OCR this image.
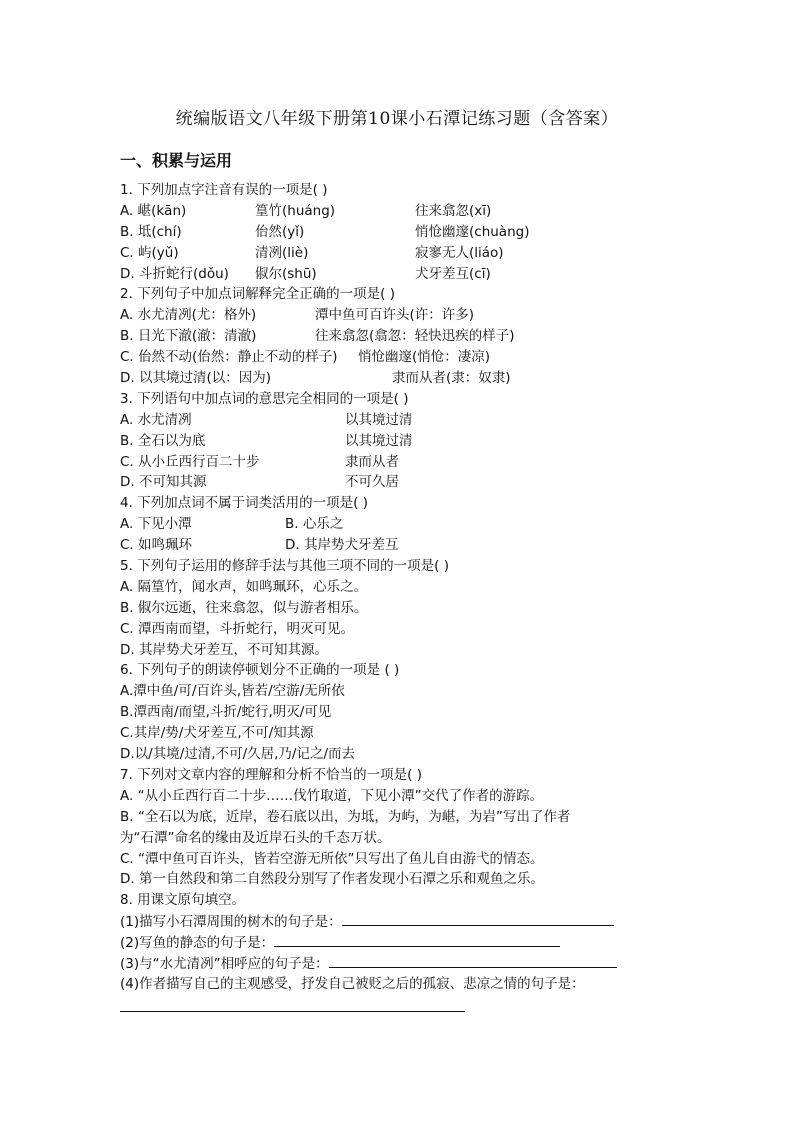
统编版语文八年级下册第10课小石潭记练习题（含答案）
一、积累与运用
1. 下列加点字注音有误的一项是( )
A. 嵁(kān)	篁竹(huáng)	往来翕忽(xī)
B. 坻(chí)	佁然(yǐ)	悄怆幽邃(chuàng)
C. 屿(yǔ)	清冽(liè)	寂寥无人(liáo)
D. 斗折蛇行(dǒu) 俶尔(shū)	犬牙差互(cī)
2. 下列句子中加点词解释完全正确的一项是( )
A. 水尤清冽(尤：格外)	潭中鱼可百许头(许：许多)
B. 日光下澈(澈：清澈)	往来翕忽(翕忽：轻快迅疾的样子)
C. 佁然不动(佁然：静止不动的样子) 悄怆幽邃(悄怆：凄凉)
D. 以其境过清(以：因为)	隶而从者(隶：奴隶)
3. 下列语句中加点词的意思完全相同的一项是( )
A. 水尤清冽	以其境过清
B. 全石以为底	以其境过清
C. 从小丘西行百二十步	隶而从者
D. 不可知其源	不可久居
4. 下列加点词不属于词类活用的一项是( )
A. 下见小潭	B. 心乐之
C. 如鸣珮环	D. 其岸势犬牙差互
5. 下列句子运用的修辞手法与其他三项不同的一项是( )
A. 隔篁竹，闻水声，如鸣珮环，心乐之。
B. 俶尔远逝，往来翕忽，似与游者相乐。
C. 潭西南而望，斗折蛇行，明灭可见。
D. 其岸势犬牙差互，不可知其源。
6. 下列句子的朗读停顿划分不正确的一项是 ( )
A.潭中鱼/可/百许头,皆若/空游/无所依
B.潭西南/而望,斗折/蛇行,明灭/可见
C.其岸/势/犬牙差互,不可/知其源
D.以/其境/过清,不可/久居,乃/记之/而去
7. 下列对文章内容的理解和分析不恰当的一项是( )
A. “从小丘西行百二十步……伐竹取道，下见小潭”交代了作者的游踪。
B. “全石以为底，近岸，卷石底以出，为坻，为屿，为嵁，为岩”写出了作者
为“石潭”命名的缘由及近岸石头的千态万状。
C. “潭中鱼可百许头，皆若空游无所依”只写出了鱼儿自由游弋的情态。
D. 第一自然段和第二自然段分别写了作者发现小石潭之乐和观鱼之乐。
8. 用课文原句填空。
(1)描写小石潭周围的树木的句子是：
(2)写鱼的静态的句子是：
(3)与“水尤清冽”相呼应的句子是：
(4)作者描写自己的主观感受，抒发自己被贬之后的孤寂、悲凉之情的句子是：
